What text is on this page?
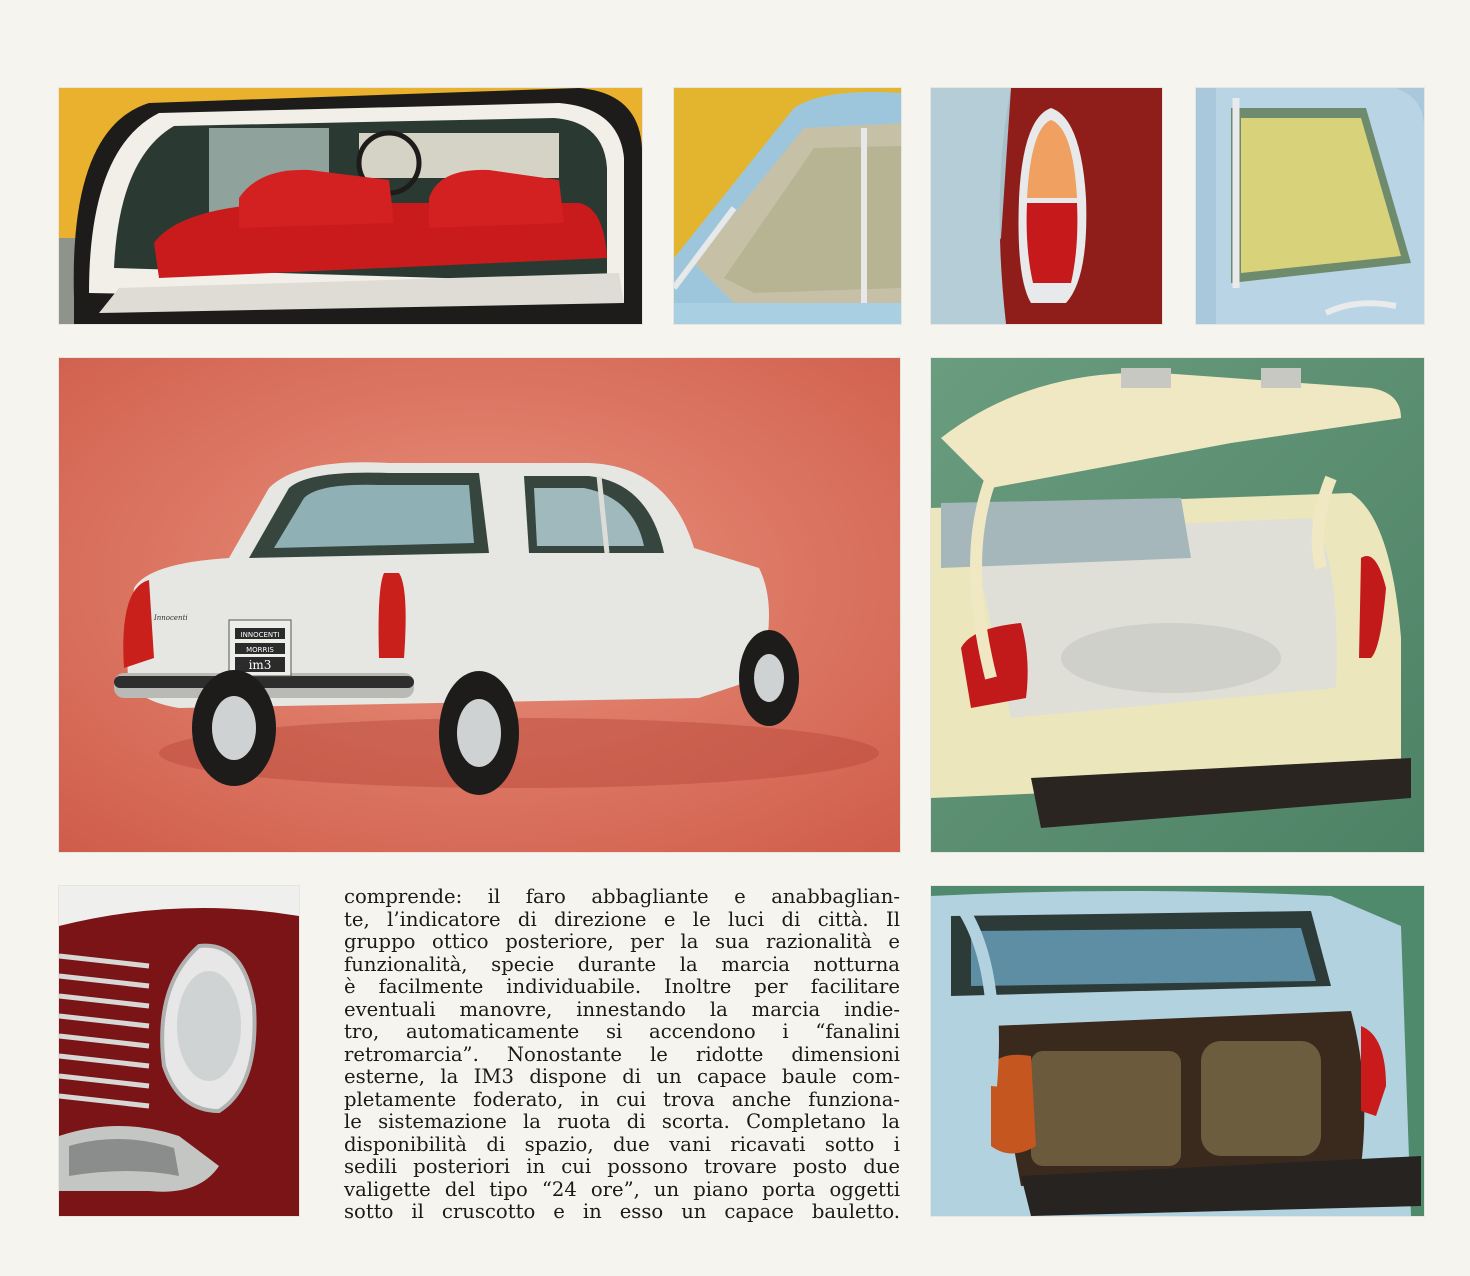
INNOCENTI
MORRIS
im3
Innocenti

comprende: il faro abbagliante e anabbaglian-
te, l’indicatore di direzione e le luci di città. Il
gruppo ottico posteriore, per la sua razionalità e
funzionalità, specie durante la marcia notturna
è facilmente individuabile. Inoltre per facilitare
eventuali manovre, innestando la marcia indie-
tro, automaticamente si accendono i “fanalini
retromarcia”. Nonostante le ridotte dimensioni
esterne, la IM3 dispone di un capace baule com-
pletamente foderato, in cui trova anche funziona-
le sistemazione la ruota di scorta. Completano la
disponibilità di spazio, due vani ricavati sotto i
sedili posteriori in cui possono trovare posto due
valigette del tipo “24 ore”, un piano porta oggetti
sotto il cruscotto e in esso un capace bauletto.
